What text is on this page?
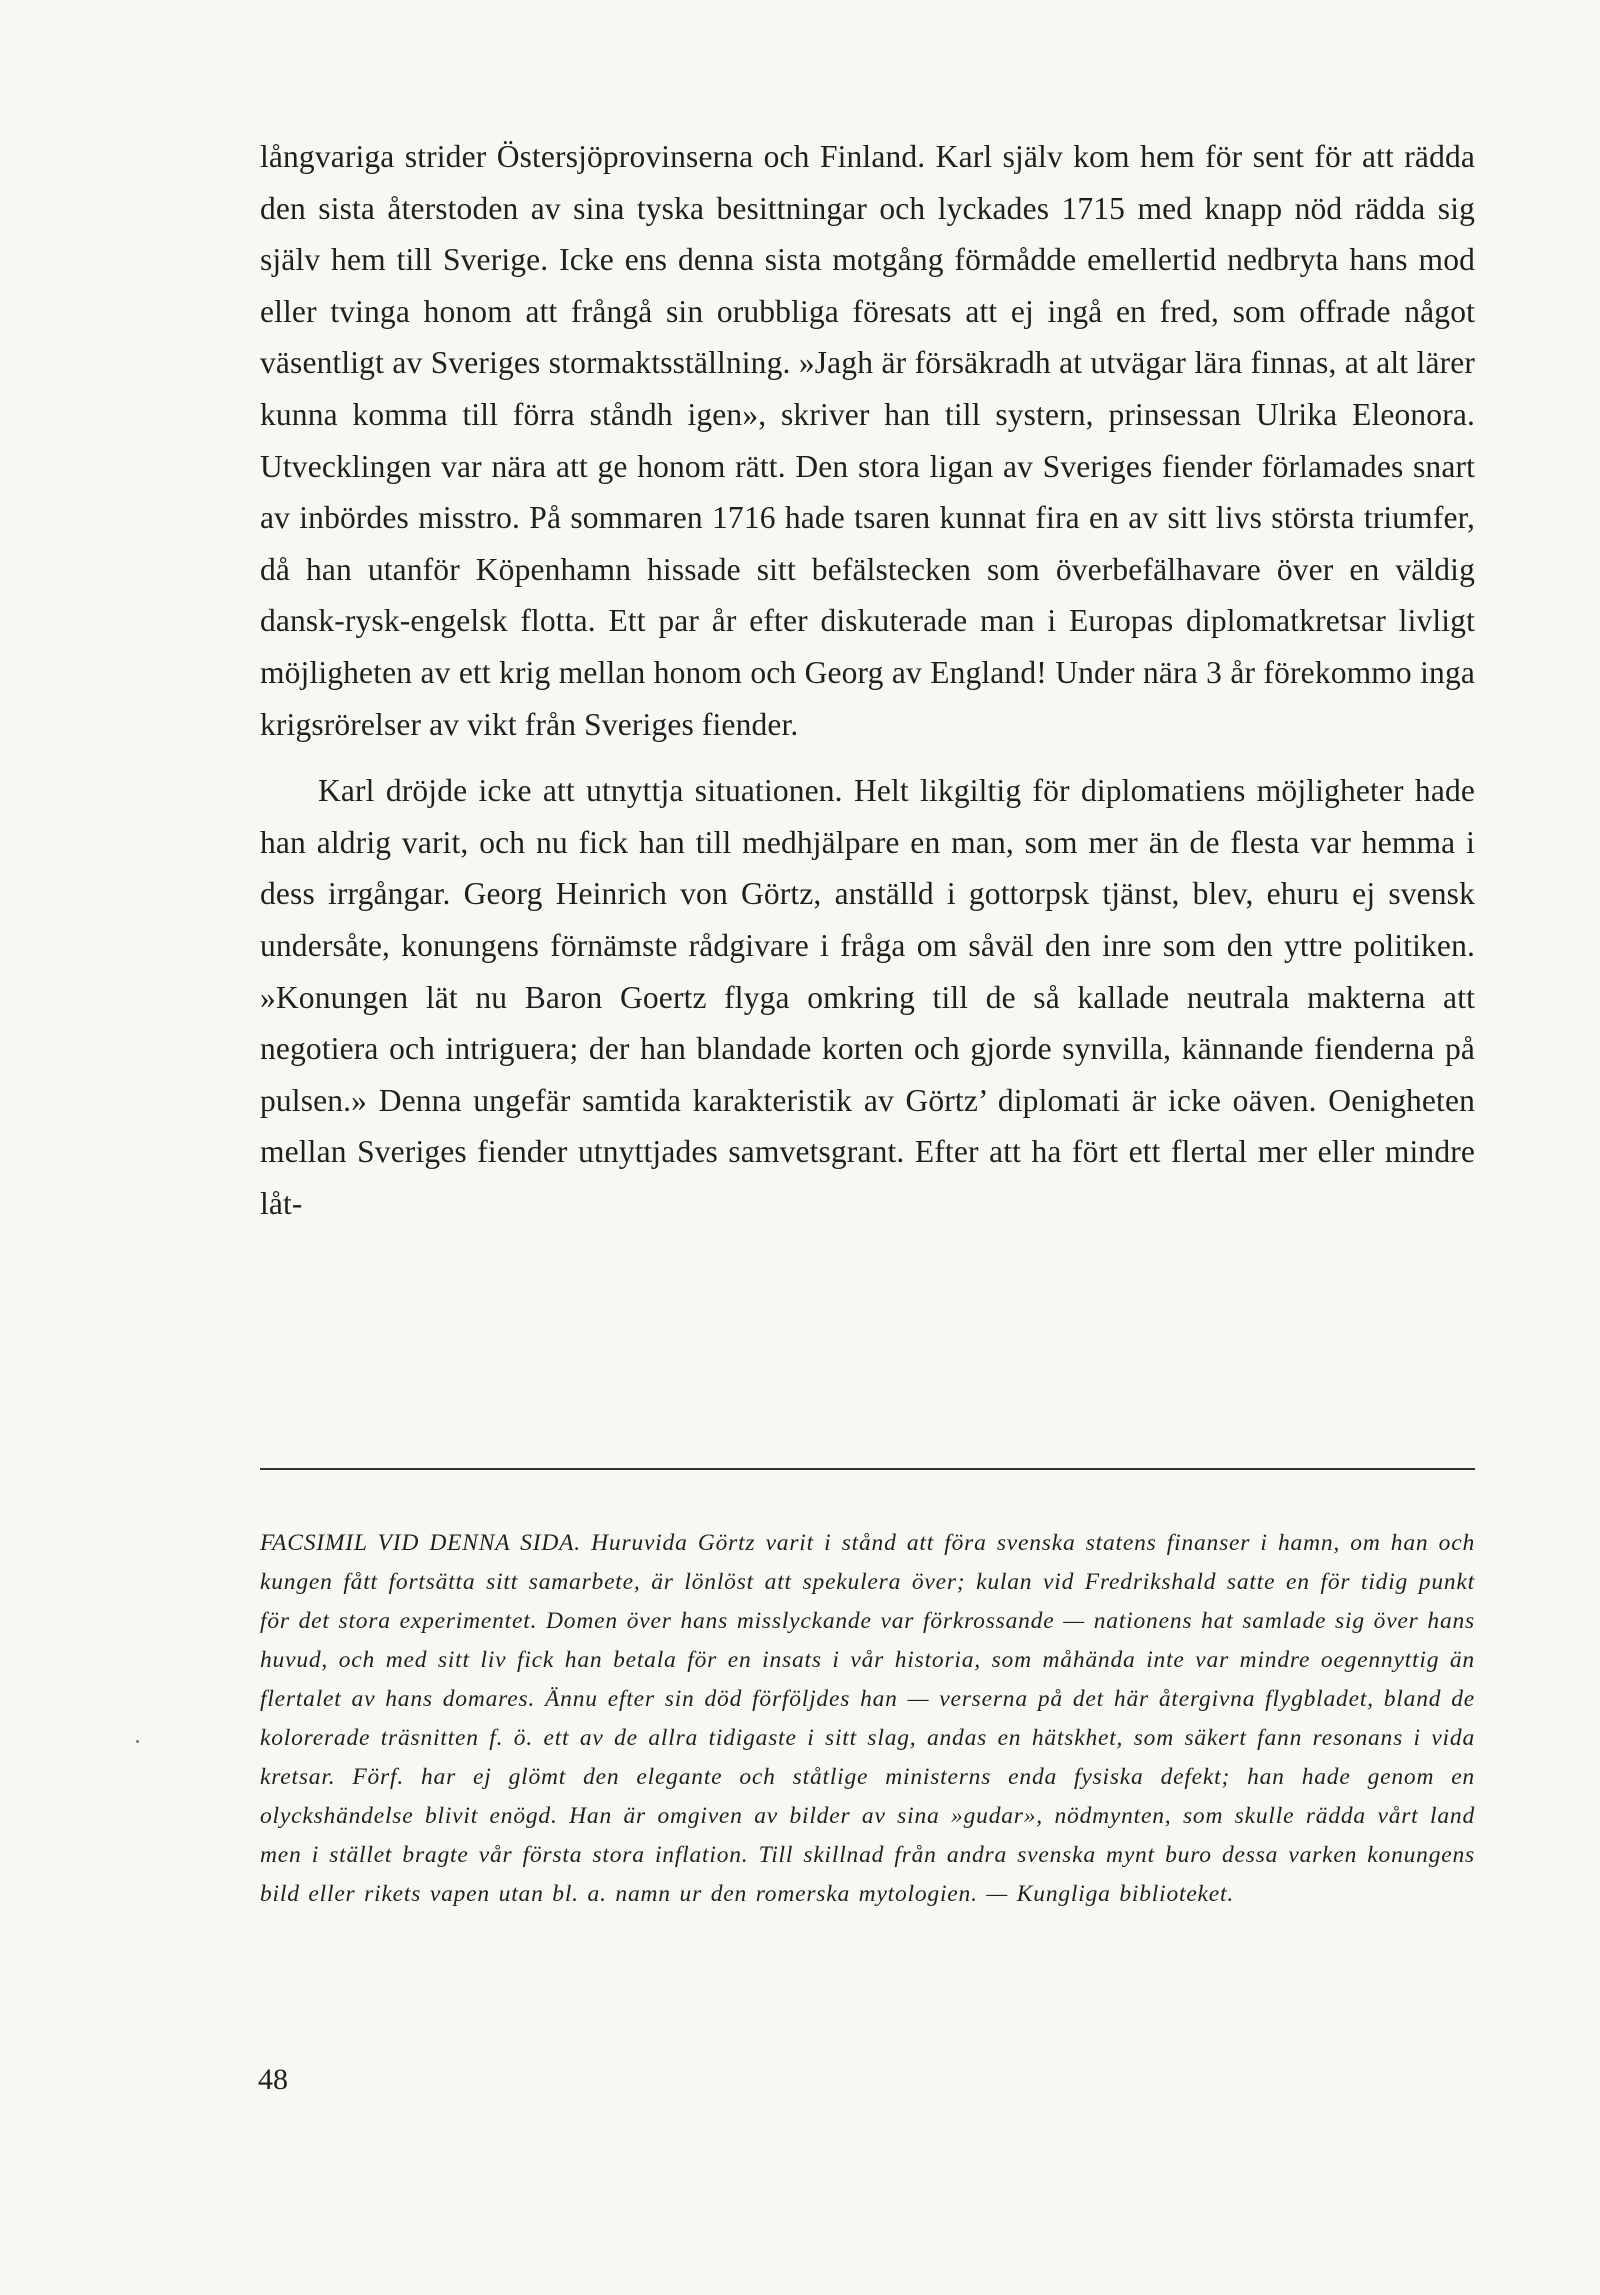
långvariga strider Östersjöprovinserna och Finland. Karl själv kom hem för sent för att rädda den sista återstoden av sina tyska besittningar och lyckades 1715 med knapp nöd rädda sig själv hem till Sverige. Icke ens denna sista motgång förmådde emellertid nedbryta hans mod eller tvinga honom att frångå sin orubbliga föresats att ej ingå en fred, som offrade något väsentligt av Sveriges stormaktsställning. »Jagh är försäkradh at utvägar lära finnas, at alt lärer kunna komma till förra ståndh igen», skriver han till systern, prinsessan Ulrika Eleonora. Utvecklingen var nära att ge honom rätt. Den stora ligan av Sveriges fiender förlamades snart av inbördes misstro. På sommaren 1716 hade tsaren kunnat fira en av sitt livs största triumfer, då han utanför Köpenhamn hissade sitt befälstecken som överbefälhavare över en väldig dansk-rysk-engelsk flotta. Ett par år efter diskuterade man i Europas diplomatkretsar livligt möjligheten av ett krig mellan honom och Georg av England! Under nära 3 år förekommo inga krigsrörelser av vikt från Sveriges fiender.

Karl dröjde icke att utnyttja situationen. Helt likgiltig för diplomatiens möjligheter hade han aldrig varit, och nu fick han till medhjälpare en man, som mer än de flesta var hemma i dess irrgångar. Georg Heinrich von Görtz, anställd i gottorpsk tjänst, blev, ehuru ej svensk undersåte, konungens förnämste rådgivare i fråga om såväl den inre som den yttre politiken. »Konungen lät nu Baron Goertz flyga omkring till de så kallade neutrala makterna att negotiera och intriguera; der han blandade korten och gjorde synvilla, kännande fienderna på pulsen.» Denna ungefär samtida karakteristik av Görtz’ diplomati är icke oäven. Oenigheten mellan Sveriges fiender utnyttjades samvetsgrant. Efter att ha fört ett flertal mer eller mindre låt-

FACSIMIL VID DENNA SIDA. Huruvida Görtz varit i stånd att föra svenska statens finanser i hamn, om han och kungen fått fortsätta sitt samarbete, är lönlöst att spekulera över; kulan vid Fredrikshald satte en för tidig punkt för det stora experimentet. Domen över hans misslyckande var förkrossande — nationens hat samlade sig över hans huvud, och med sitt liv fick han betala för en insats i vår historia, som måhända inte var mindre oegennyttig än flertalet av hans domares. Ännu efter sin död förföljdes han — verserna på det här återgivna flygbladet, bland de kolorerade träsnitten f. ö. ett av de allra tidigaste i sitt slag, andas en hätskhet, som säkert fann resonans i vida kretsar. Förf. har ej glömt den elegante och ståtlige ministerns enda fysiska defekt; han hade genom en olyckshändelse blivit enögd. Han är omgiven av bilder av sina »gudar», nödmynten, som skulle rädda vårt land men i stället bragte vår första stora inflation. Till skillnad från andra svenska mynt buro dessa varken konungens bild eller rikets vapen utan bl. a. namn ur den romerska mytologien. — Kungliga biblioteket.

48
